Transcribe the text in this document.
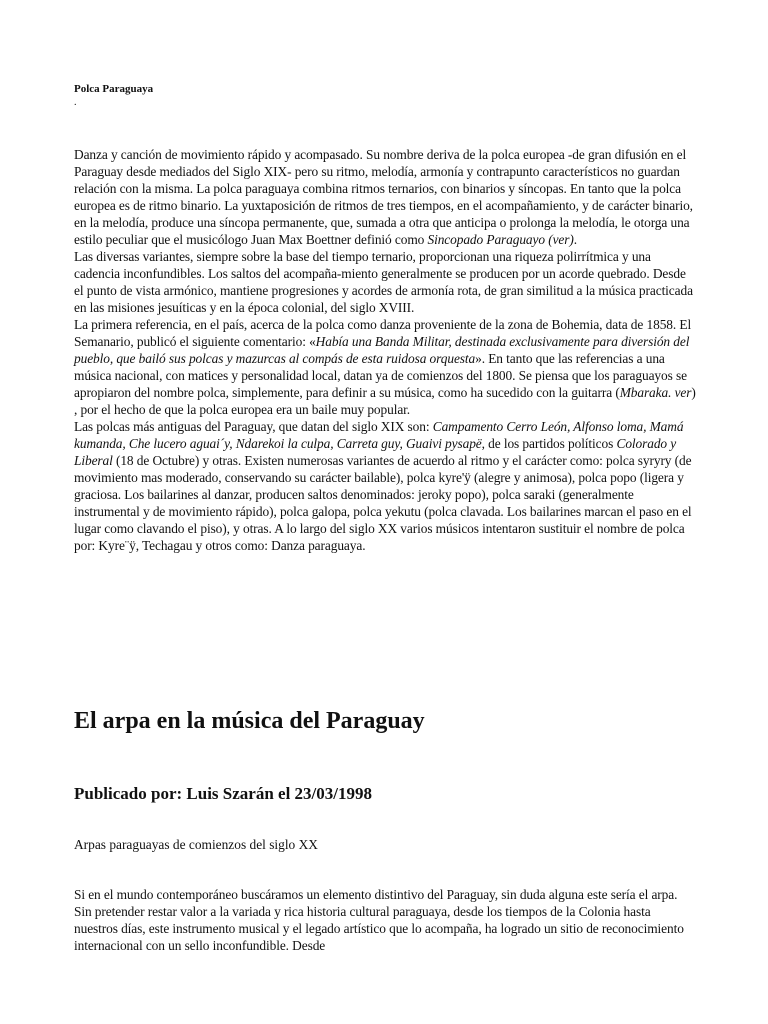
Polca Paraguaya
.

Danza y canción de movimiento rápido y acompasado. Su nombre deriva de la polca europea -de gran difusión en el Paraguay desde mediados del Siglo XIX- pero su ritmo, melodía, armonía y contrapunto característicos no guardan relación con la misma. La polca paraguaya combina ritmos ternarios, con binarios y síncopas. En tanto que la polca europea es de ritmo binario. La yuxtaposición de ritmos de tres tiempos, en el acompañamiento, y de carácter binario, en la melodía, produce una síncopa permanente, que, sumada a otra que anticipa o prolonga la melodía, le otorga una estilo peculiar que el musicólogo Juan Max Boettner definió como Sincopado Paraguayo (ver).

Las diversas variantes, siempre sobre la base del tiempo ternario, proporcionan una riqueza polirrítmica y una cadencia inconfundibles. Los saltos del acompaña-miento generalmente se producen por un acorde quebrado. Desde el punto de vista armónico, mantiene progresiones y acordes de armonía rota, de gran similitud a la música practicada en las misiones jesuíticas y en la época colonial, del siglo XVIII.

La primera referencia, en el país, acerca de la polca como danza proveniente de la zona de Bohemia, data de 1858. El Semanario, publicó el siguiente comentario: «Había una Banda Militar, destinada exclusivamente para diversión del pueblo, que bailó sus polcas y mazurcas al compás de esta ruidosa orquesta». En tanto que las referencias a una música nacional, con matices y personalidad local, datan ya de comienzos del 1800. Se piensa que los paraguayos se apropiaron del nombre polca, simplemente, para definir a su música, como ha sucedido con la guitarra (Mbaraka. ver) , por el hecho de que la polca europea era un baile muy popular.

Las polcas más antiguas del Paraguay, que datan del siglo XIX son: Campamento Cerro León, Alfonso loma, Mamá kumanda, Che lucero aguai´y, Ndarekoi la culpa, Carreta guy, Guaivi pysapë, de los partidos políticos Colorado y Liberal (18 de Octubre) y otras. Existen numerosas variantes de acuerdo al ritmo y el carácter como: polca syryry (de movimiento mas moderado, conservando su carácter bailable), polca kyre'ÿ (alegre y animosa), polca popo (ligera y graciosa. Los bailarines al danzar, producen saltos denominados: jeroky popo), polca saraki (generalmente instrumental y de movimiento rápido), polca galopa, polca yekutu (polca clavada. Los bailarines marcan el paso en el lugar como clavando el piso), y otras. A lo largo del siglo XX varios músicos intentaron sustituir el nombre de polca por: Kyre¨ÿ, Techagau y otros como: Danza paraguaya.

El arpa en la música del Paraguay
Publicado por: Luis Szarán el 23/03/1998
Arpas paraguayas de comienzos del siglo XX

Si en el mundo contemporáneo buscáramos un elemento distintivo del Paraguay, sin duda alguna este sería el arpa. Sin pretender restar valor a la variada y rica historia cultural paraguaya, desde los tiempos de la Colonia hasta nuestros días, este instrumento musical y el legado artístico que lo acompaña, ha logrado un sitio de reconocimiento internacional con un sello inconfundible. Desde
